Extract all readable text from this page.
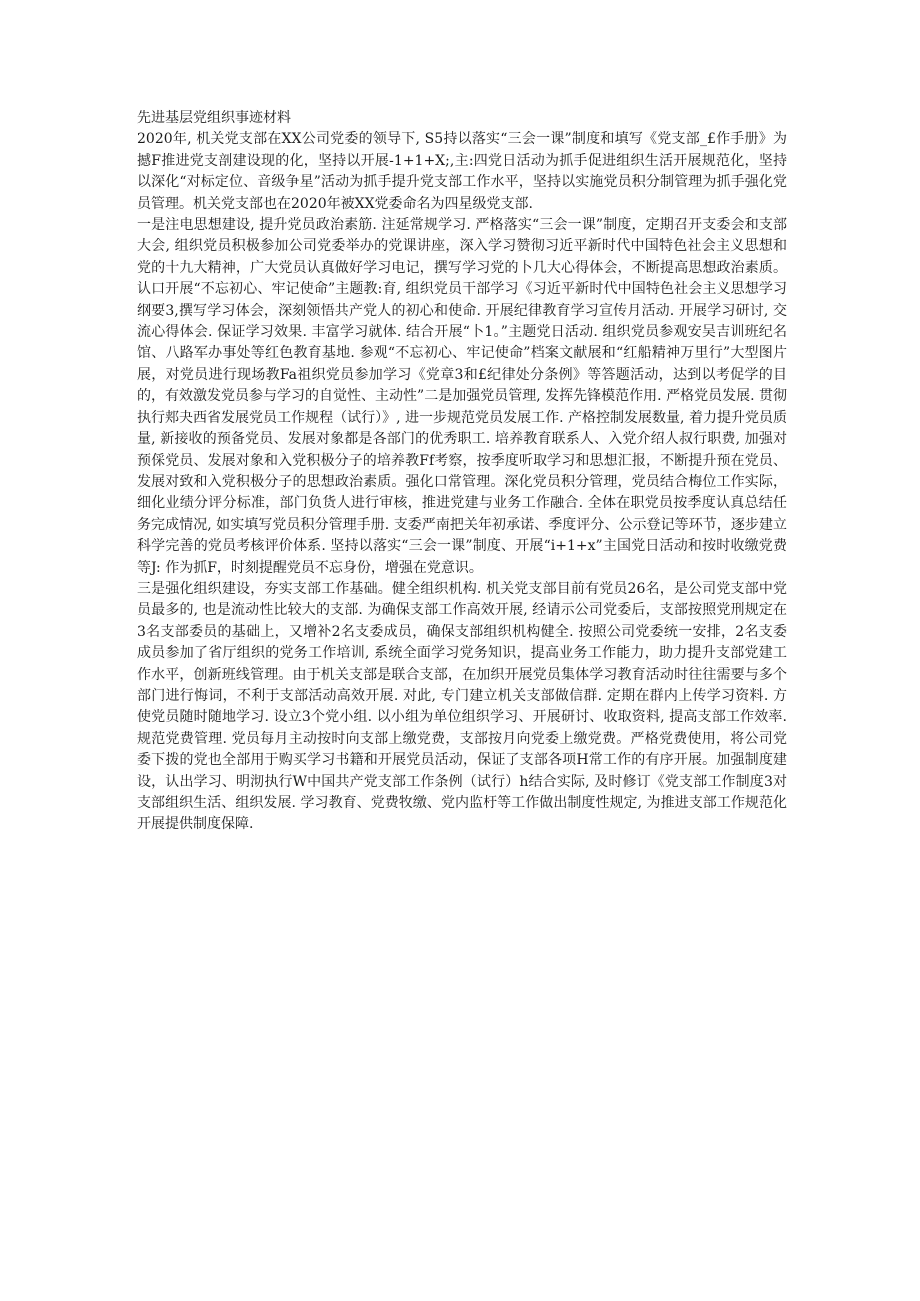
先进基层党组织事迹材料

2020年, 机关党支部在XX公司党委的领导下, S5持以落实“三会一课”制度和填写《党支部_£作手册》为撼F推进党支剖建设现的化，坚持以开展-1+1+X;,主:四党日活动为抓手促进组织生活开展规范化，坚持以深化“对标定位、音级争星”活动为抓手提升党支部工作水平，坚持以实施党员积分制管理为抓手强化党员管理。机关党支部也在2020年被XX党委命名为四星级党支部.

一是注电思想建设, 提升党员政治素筋. 注延常规学习. 严格落实“三会一课”制度，定期召开支委会和支部大会, 组织党员积极参加公司党委举办的党课讲座，深入学习赞彻习近平新时代中国特色社会主义思想和党的十九大精神，广大党员认真做好学习电记，撰写学习党的卜几大心得体会，不断提高思想政治素质。认口开展“不忘初心、牢记使命”主题教:育, 组织党员干部学习《习近平新时代中国特色社会主义思想学习纲要3,撰写学习体会，深刻领悟共产党人的初心和使命. 开展纪律教育学习宣传月活动. 开展学习研讨, 交流心得体会. 保证学习效果. 丰富学习就体. 结合开展“卜1。”主题党日活动. 组织党员参观安吴吉训班纪名馆、八路军办事处等红色教育基地. 参观“不忘初心、牢记使命”档案文献展和“红船精神万里行”大型图片展，对党员进行现场教Fa祖织党员参加学习《党章3和£纪律处分条例》等答题活动，达到以考促学的目的，有效激发党员参与学习的自觉性、主动性”二是加强党员管理, 发挥先锋模范作用. 严格党员发展. 贯彻执行郏夬西省发展党员工作规程（试行）》, 进一步规范党员发展工作. 产格控制发展数量, 着力提升党员质量, 新接收的预备党员、发展对象都是各部门的优秀职工. 培养教育联系人、入党介绍人叔行职费, 加强对预倸党员、发展对象和入党积极分子的培养教Ff考察，按季度听取学习和思想汇报，不断提升预在党员、发展对致和入党积极分子的思想政治素质。强化口常管理。深化党员积分管理，党员结合梅位工作实际，细化业绩分评分标准，部门负货人进行审核，推进党建与业务工作融合. 全体在职党员按季度认真总结任务完成情况, 如实填写党员积分管理手册. 支委严南把关年初承诺、季度评分、公示登记等环节，逐步建立科学完善的党员考核评价体系. 坚持以落实“三会一课”制度、开展“i+1+x”主国党日活动和按时收缴党费等J: 作为抓F，时刻提醒党员不忘身份，增强在党意识。

三是强化组织建设，夯实支部工作基础。健全组织机构. 机关党支部目前有党员26名，是公司党支部中党员最多的, 也是流动性比较大的支部. 为确保支部工作高效开展, 经请示公司党委后，支部按照党刑规定在3名支部委员的基础上，又增补2名支委成员，确保支部组织机构健全. 按照公司党委统一安排，2名支委成员参加了省厅组织的党务工作培训, 系统全面学习党务知识，提高业务工作能力，助力提升支部党建工作水平，创新班线管理。由于机关支部是联合支部，在加织开展党员集体学习教育活动时往往需要与多个部门进行悔词，不利于支部活动高效开展. 对此, 专门建立机关支部做信群. 定期在群内上传学习资料. 方使党员随时随地学习. 设立3个党小组. 以小组为单位组织学习、开展研讨、收取资料, 提高支部工作效率. 规范党费管理. 党员每月主动按时向支部上缴党费，支部按月向党委上缴党费。严格党费使用，将公司党委下拨的党也全部用于购买学习书籍和开展党员活动，保证了支部各项H常工作的有序开展。加强制度建设，认出学习、明沏执行W中国共产党支部工作条例（试行）h结合实际, 及时修订《党支部工作制度3对支部组织生活、组织发展. 学习教育、党费牧缴、党内监杅等工作做出制度性规定, 为推进支部工作规范化开展提供制度保障.
